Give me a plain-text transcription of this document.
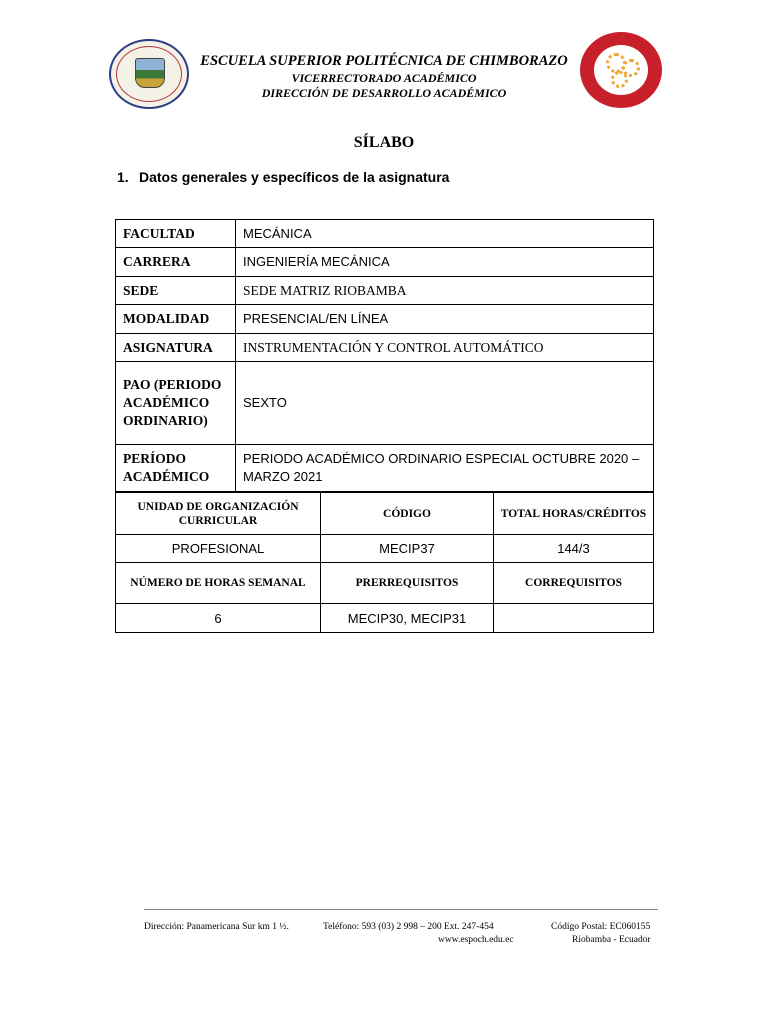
ESCUELA SUPERIOR POLITÉCNICA DE CHIMBORAZO
VICERRECTORADO ACADÉMICO
DIRECCIÓN DE DESARROLLO ACADÉMICO
SÍLABO
1. Datos generales y específicos de la asignatura
FACULTAD	MECÁNICA
CARRERA	INGENIERÍA MECÁNICA
SEDE	SEDE MATRIZ RIOBAMBA
MODALIDAD	PRESENCIAL/EN LÍNEA
ASIGNATURA	INSTRUMENTACIÓN Y CONTROL AUTOMÁTICO
PAO (PERIODO ACADÉMICO ORDINARIO)	SEXTO
PERÍODO ACADÉMICO	PERIODO ACADÉMICO ORDINARIO ESPECIAL OCTUBRE 2020 – MARZO 2021
UNIDAD DE ORGANIZACIÓN CURRICULAR	CÓDIGO	TOTAL HORAS/CRÉDITOS
PROFESIONAL	MECIP37	144/3
NÚMERO DE HORAS SEMANAL	PRERREQUISITOS	CORREQUISITOS
6	MECIP30, MECIP31	
Dirección: Panamericana Sur km 1 ½.	Teléfono: 593 (03) 2 998 – 200 Ext. 247-454
www.espoch.edu.ec
Código Postal: EC060155
Riobamba - Ecuador
